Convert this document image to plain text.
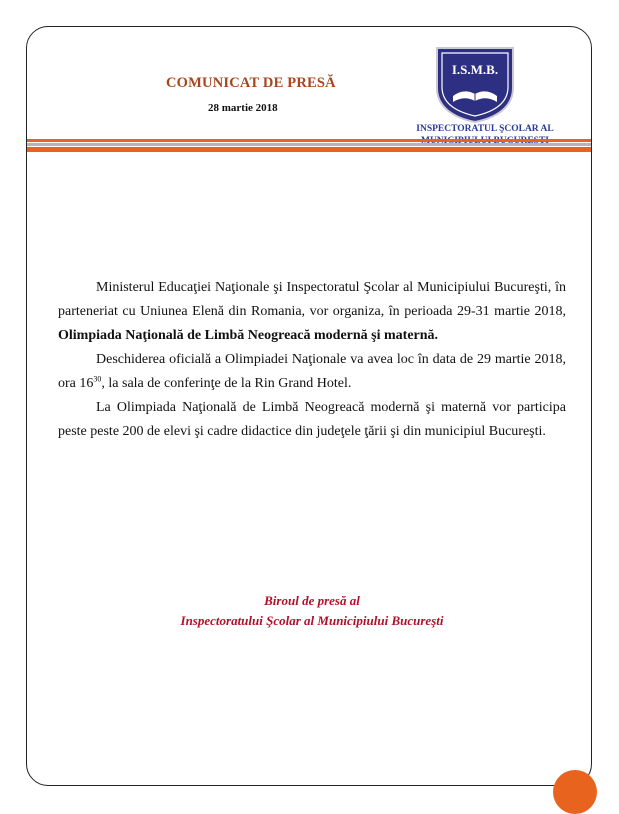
COMUNICAT DE PRESĂ
28 martie 2018
I.S.M.B.
INSPECTORATUL ŞCOLAR AL

Ministerul Educaţiei Naţionale şi Inspectoratul Şcolar al Municipiului Bucureşti, în parteneriat cu Uniunea Elenă din Romania, vor organiza, în perioada 29-31 martie 2018, Olimpiada Naţională de Limbă Neogreacă modernă şi maternă.

Deschiderea oficială a Olimpiadei Naţionale va avea loc în data de 29 martie 2018, ora $16^{30}$, la sala de conferinţe de la Rin Grand Hotel.

La Olimpiada Naţională de Limbă Neogreacă modernă şi maternă vor participa peste peste 200 de elevi şi cadre didactice din judeţele ţării şi din municipiul Bucureşti.

Biroul de presă al
Inspectoratului Şcolar al Municipiului Bucureşti
